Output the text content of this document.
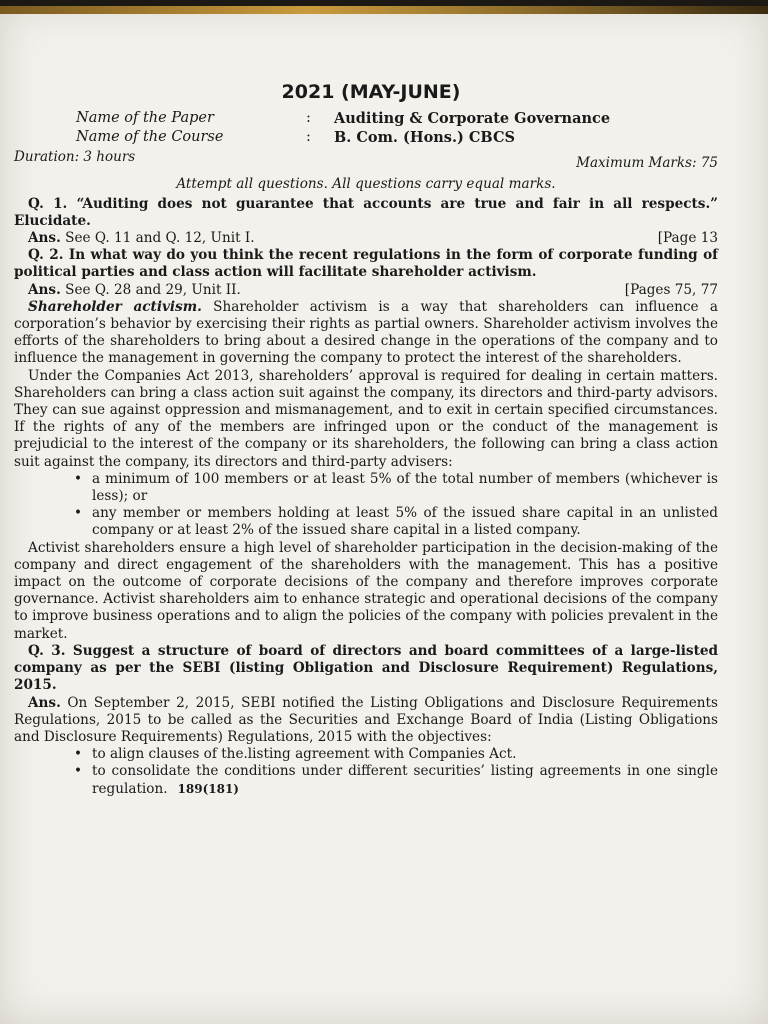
2021 (MAY-JUNE)
Name of the Paper	:	Auditing & Corporate Governance
Name of the Course	:	B. Com. (Hons.) CBCS
Duration: 3 hours	Maximum Marks: 75
Attempt all questions. All questions carry equal marks.

Q. 1. “Auditing does not guarantee that accounts are true and fair in all respects.” Elucidate.

Ans. See Q. 11 and Q. 12, Unit I.	[Page 13

Q. 2. In what way do you think the recent regulations in the form of corporate funding of political parties and class action will facilitate shareholder activism.

Ans. See Q. 28 and 29, Unit II.	[Pages 75, 77

Shareholder activism. Shareholder activism is a way that shareholders can influence a corporation’s behavior by exercising their rights as partial owners. Shareholder activism involves the efforts of the shareholders to bring about a desired change in the operations of the company and to influence the management in governing the company to protect the interest of the shareholders.

Under the Companies Act 2013, shareholders’ approval is required for dealing in certain matters. Shareholders can bring a class action suit against the company, its directors and third-party advisors. They can sue against oppression and mismanagement, and to exit in certain specified circumstances. If the rights of any of the members are infringed upon or the conduct of the management is prejudicial to the interest of the company or its shareholders, the following can bring a class action suit against the company, its directors and third-party advisers:

• a minimum of 100 members or at least 5% of the total number of members (whichever is less); or
• any member or members holding at least 5% of the issued share capital in an unlisted company or at least 2% of the issued share capital in a listed company.

Activist shareholders ensure a high level of shareholder participation in the decision-making of the company and direct engagement of the shareholders with the management. This has a positive impact on the outcome of corporate decisions of the company and therefore improves corporate governance. Activist shareholders aim to enhance strategic and operational decisions of the company to improve business operations and to align the policies of the company with policies prevalent in the market.

Q. 3. Suggest a structure of board of directors and board committees of a large-listed company as per the SEBI (listing Obligation and Disclosure Requirement) Regulations, 2015.

Ans. On September 2, 2015, SEBI notified the Listing Obligations and Disclosure Requirements Regulations, 2015 to be called as the Securities and Exchange Board of India (Listing Obligations and Disclosure Requirements) Regulations, 2015 with the objectives:

• to align clauses of the.listing agreement with Companies Act.
• to consolidate the conditions under different securities’ listing agreements in one single regulation. 189(181)
